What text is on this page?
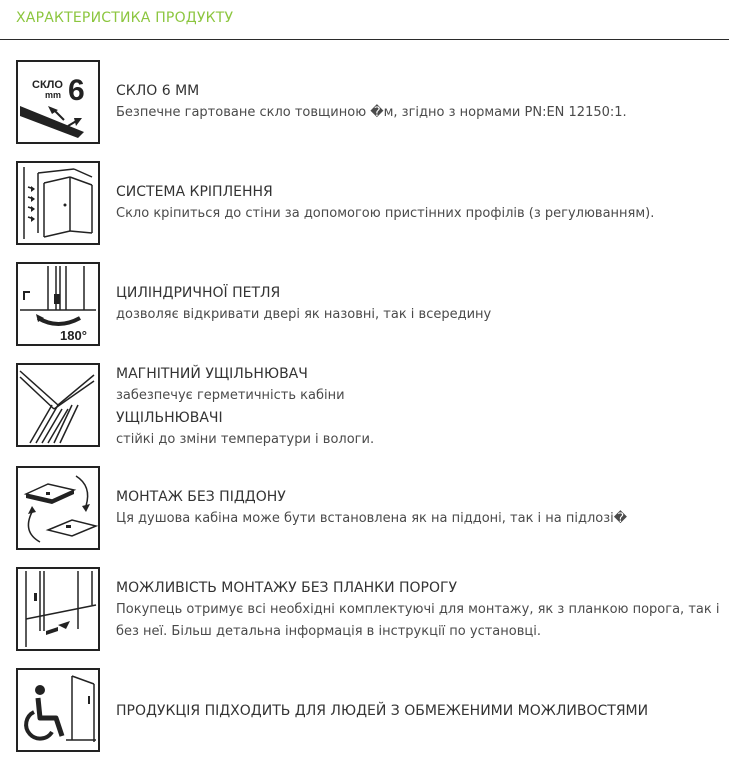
ХАРАКТЕРИСТИКА ПРОДУКТУ
СКЛО
mm 6 СКЛО 6 ММ
Безпечне гартоване скло товщиною �м, згідно з нормами PN:EN 12150:1.
СИСТЕМА КРІПЛЕННЯ
Скло кріпиться до стіни за допомогою пристінних профілів (з регулюванням).
180°
ЦИЛІНДРИЧНОЇ ПЕТЛЯ
дозволяє відкривати двері як назовні, так і всередину
МАГНІТНИЙ УЩІЛЬНЮВАЧ
забезпечує герметичність кабіни
УЩІЛЬНЮВАЧІ
стійкі до зміни температури і вологи.
МОНТАЖ БЕЗ ПІДДОНУ
Ця душова кабіна може бути встановлена як на піддоні, так і на підлозі�
МОЖЛИВІСТЬ МОНТАЖУ БЕЗ ПЛАНКИ ПОРОГУ
Покупець отримує всі необхідні комплектуючі для монтажу, як з планкою порога, так і без неї. Більш детальна інформація в інструкції по установці.
ПРОДУКЦІЯ ПІДХОДИТЬ ДЛЯ ЛЮДЕЙ З ОБМЕЖЕНИМИ МОЖЛИВОСТЯМИ
